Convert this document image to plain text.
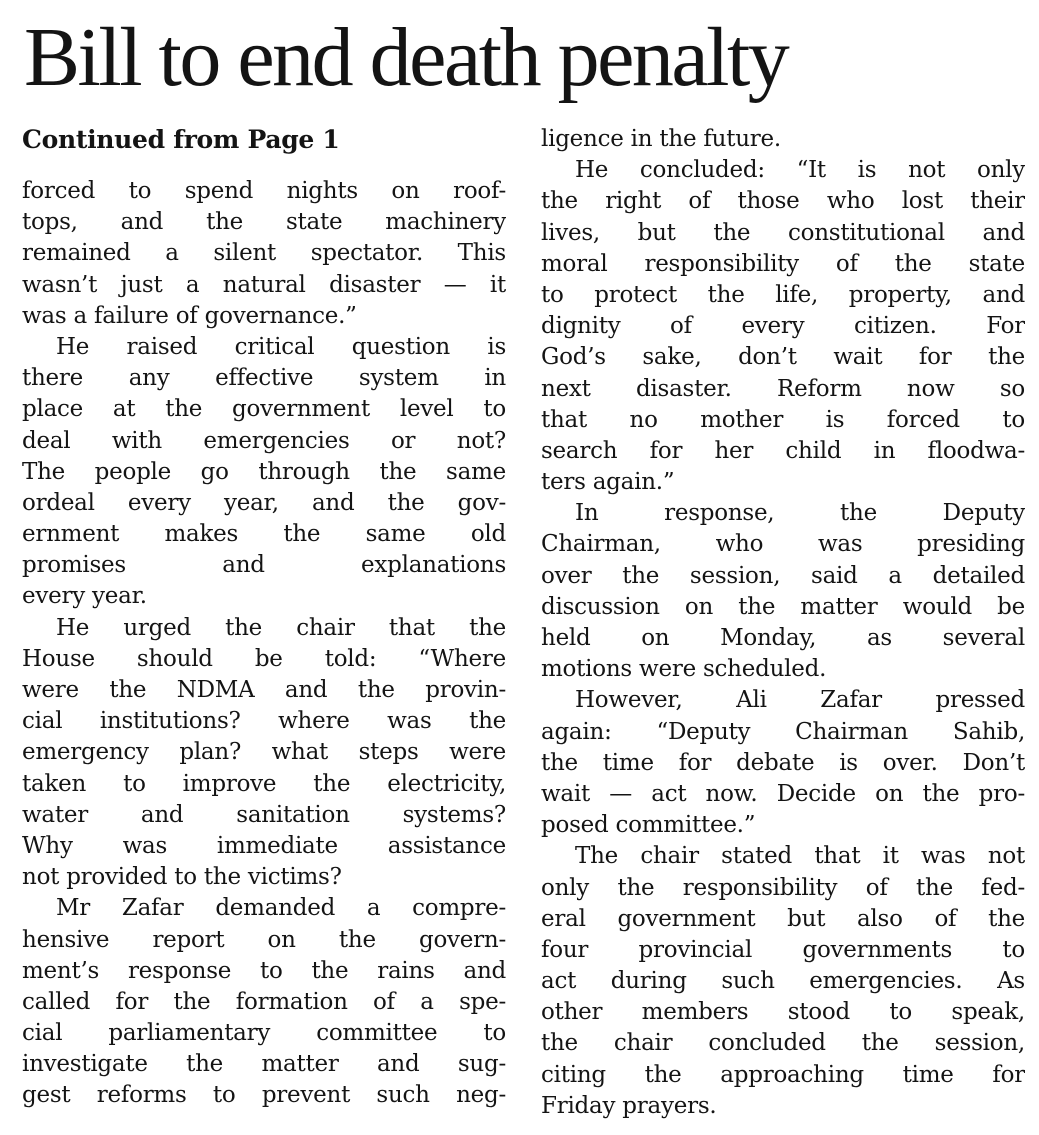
Bill to end death penalty
Continued from Page 1
forced to spend nights on roof-
tops, and the state machinery
remained a silent spectator. This
wasn’t just a natural disaster — it
was a failure of governance.”
He raised critical question is
there any effective system in
place at the government level to
deal with emergencies or not?
The people go through the same
ordeal every year, and the gov-
ernment makes the same old
promises and explanations
every year.
He urged the chair that the
House should be told: “Where
were the NDMA and the provin-
cial institutions? where was the
emergency plan? what steps were
taken to improve the electricity,
water and sanitation systems?
Why was immediate assistance
not provided to the victims?
Mr Zafar demanded a compre-
hensive report on the govern-
ment’s response to the rains and
called for the formation of a spe-
cial parliamentary committee to
investigate the matter and sug-
gest reforms to prevent such neg-
ligence in the future.
He concluded: “It is not only
the right of those who lost their
lives, but the constitutional and
moral responsibility of the state
to protect the life, property, and
dignity of every citizen. For
God’s sake, don’t wait for the
next disaster. Reform now so
that no mother is forced to
search for her child in floodwa-
ters again.”
In response, the Deputy
Chairman, who was presiding
over the session, said a detailed
discussion on the matter would be
held on Monday, as several
motions were scheduled.
However, Ali Zafar pressed
again: “Deputy Chairman Sahib,
the time for debate is over. Don’t
wait — act now. Decide on the pro-
posed committee.”
The chair stated that it was not
only the responsibility of the fed-
eral government but also of the
four provincial governments to
act during such emergencies. As
other members stood to speak,
the chair concluded the session,
citing the approaching time for
Friday prayers.
